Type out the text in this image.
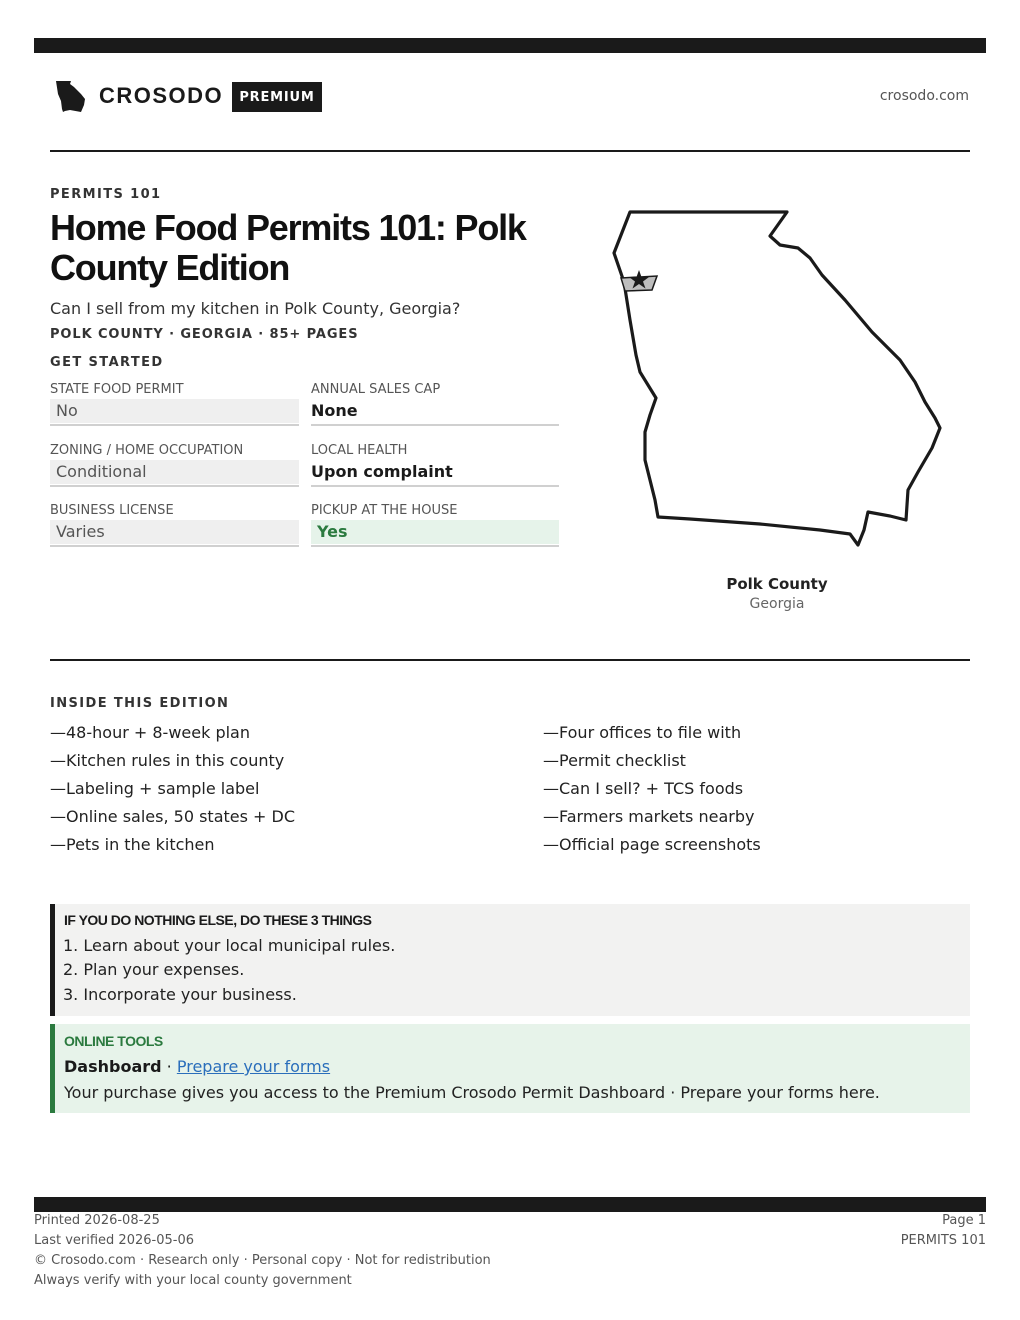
CROSODO	PREMIUM	crosodo.com
PERMITS 101
Home Food Permits 101: Polk County Edition
Can I sell from my kitchen in Polk County, Georgia?
POLK COUNTY · GEORGIA · 85+ PAGES
GET STARTED
STATE FOOD PERMIT
No
ANNUAL SALES CAP
None
ZONING / HOME OCCUPATION
Conditional
LOCAL HEALTH
Upon complaint
BUSINESS LICENSE
Varies
PICKUP AT THE HOUSE
Yes
Polk County
Georgia
INSIDE THIS EDITION
—48-hour + 8-week plan
—Kitchen rules in this county
—Labeling + sample label
—Online sales, 50 states + DC
—Pets in the kitchen
—Four offices to file with
—Permit checklist
—Can I sell? + TCS foods
—Farmers markets nearby
—Official page screenshots
IF YOU DO NOTHING ELSE, DO THESE 3 THINGS
1. Learn about your local municipal rules.
2. Plan your expenses.
3. Incorporate your business.
ONLINE TOOLS
Dashboard · Prepare your forms
Your purchase gives you access to the Premium Crosodo Permit Dashboard · Prepare your forms here.
Printed 2026-08-25
Last verified 2026-05-06
© Crosodo.com · Research only · Personal copy · Not for redistribution
Always verify with your local county government
Page 1
PERMITS 101
